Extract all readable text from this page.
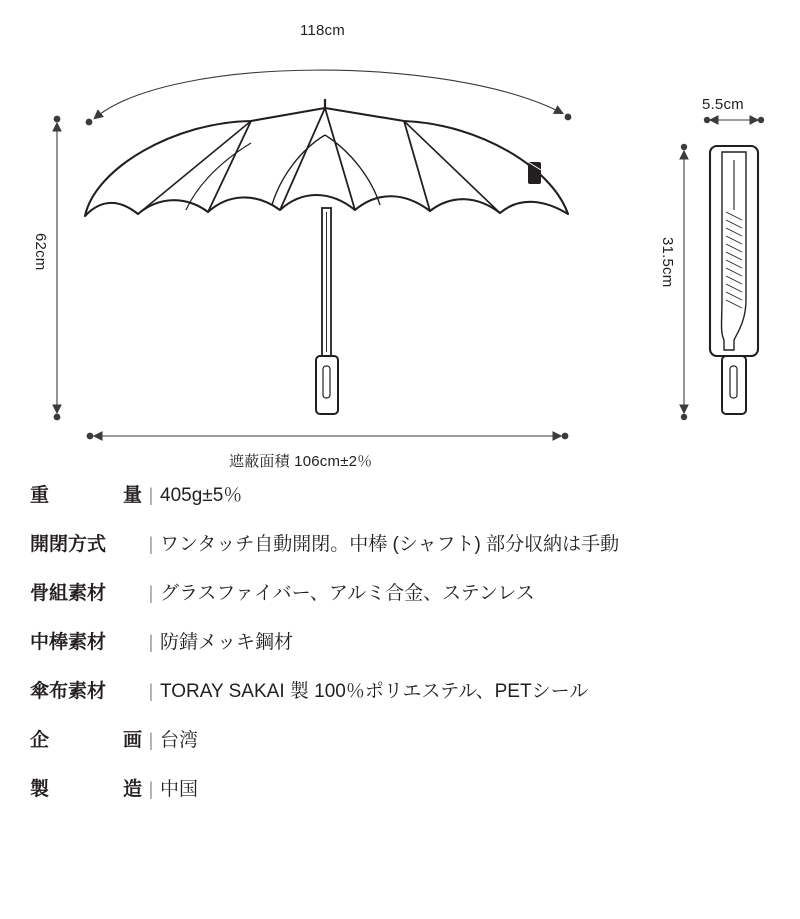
118cm
62cm
遮蔽面積 106cm±2％
5.5cm
31.5cm
重	量 | 405g±5％
開閉方式	| ワンタッチ自動開閉。中棒 (シャフト) 部分収納は手動
骨組素材	| グラスファイバー、アルミ合金、ステンレス
中棒素材	| 防錆メッキ鋼材
傘布素材	| TORAY SAKAI 製 100％ポリエステル、PETシール
企	画 | 台湾
製	造 | 中国
